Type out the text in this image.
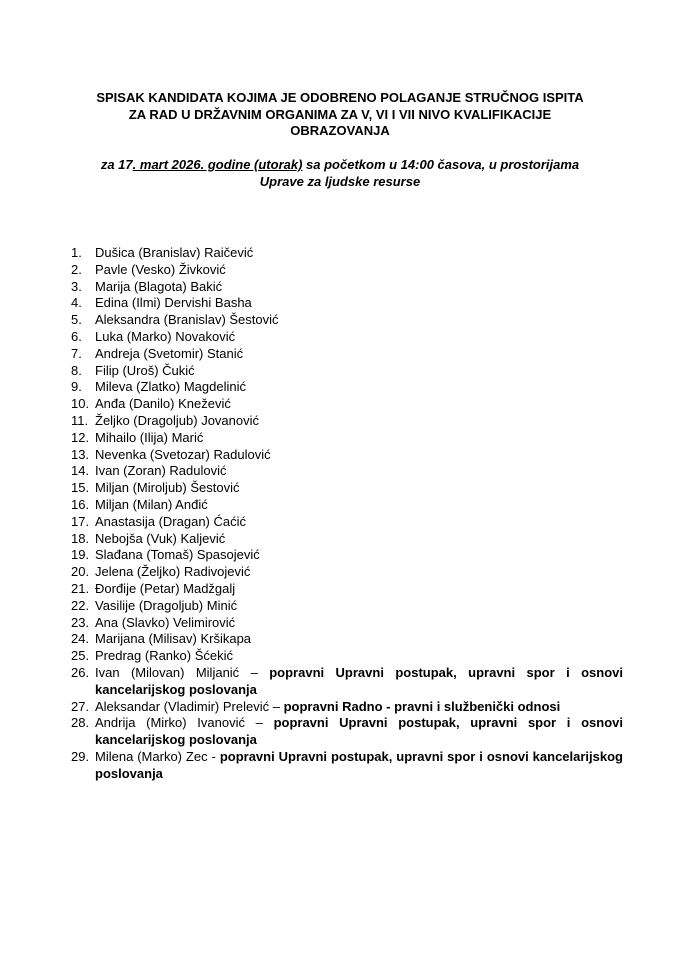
SPISAK KANDIDATA KOJIMA JE ODOBRENO POLAGANJE STRUČNOG ISPITA
ZA RAD U DRŽAVNIM ORGANIMA ZA V, VI I VII NIVO KVALIFIKACIJE
OBRAZOVANJA
za 17. mart 2026. godine (utorak) sa početkom u 14:00 časova, u prostorijama
Uprave za ljudske resurse
1.	Dušica (Branislav) Raičević
2.	Pavle (Vesko) Živković
3.	Marija (Blagota) Bakić
4.	Edina (Ilmi) Dervishi Basha
5.	Aleksandra (Branislav) Šestović
6.	Luka (Marko) Novaković
7.	Andreja (Svetomir) Stanić
8.	Filip (Uroš) Čukić
9.	Mileva (Zlatko) Magdelinić
10. Anđa (Danilo) Knežević
11. Željko (Dragoljub) Jovanović
12. Mihailo (Ilija) Marić
13. Nevenka (Svetozar) Radulović
14. Ivan (Zoran) Radulović
15. Miljan (Miroljub) Šestović
16. Miljan (Milan) Anđić
17. Anastasija (Dragan) Ćaćić
18. Nebojša (Vuk) Kaljević
19. Slađana (Tomaš) Spasojević
20. Jelena (Željko) Radivojević
21. Đorđije (Petar) Madžgalj
22. Vasilije (Dragoljub) Minić
23. Ana (Slavko) Velimirović
24. Marijana (Milisav) Kršikapa
25. Predrag (Ranko) Šćekić
26. Ivan (Milovan) Miljanić – popravni Upravni postupak, upravni spor i osnovi kancelarijskog poslovanja
27. Aleksandar (Vladimir) Prelević – popravni Radno - pravni i službenički odnosi
28. Andrija (Mirko) Ivanović – popravni Upravni postupak, upravni spor i osnovi kancelarijskog poslovanja
29. Milena (Marko) Zec - popravni Upravni postupak, upravni spor i osnovi kancelarijskog poslovanja
